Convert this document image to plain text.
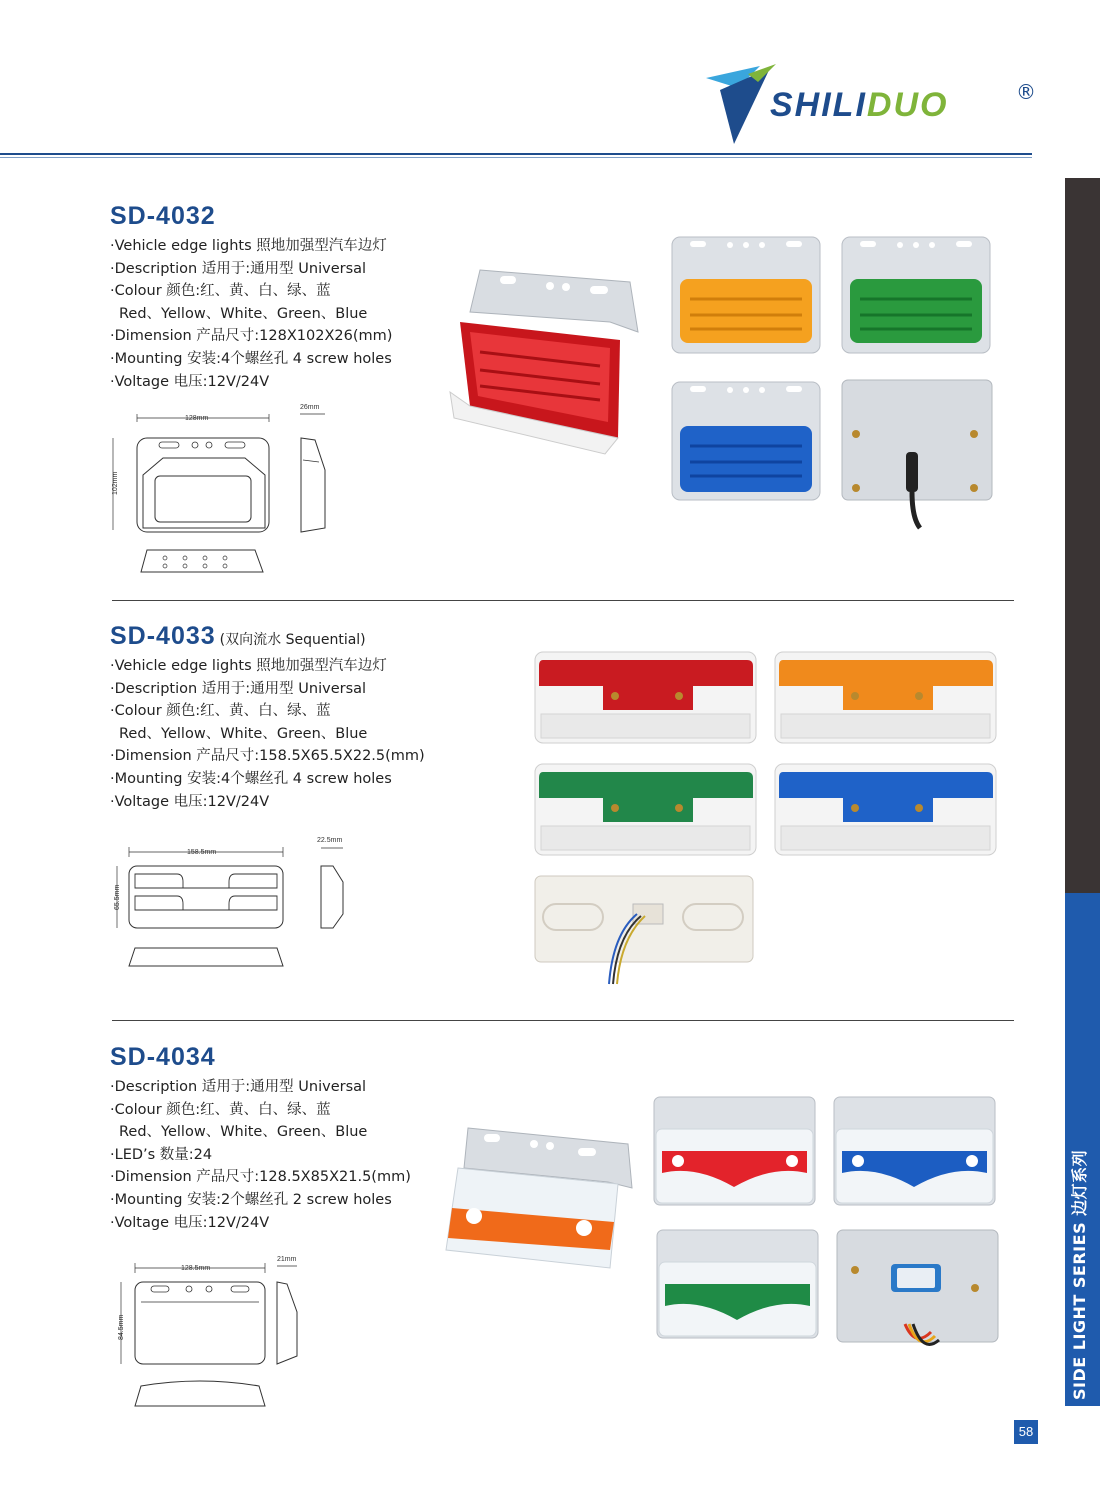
SHILIDUO	®
SIDE LIGHT SERIES 边灯系列
58
SD-4032
·Vehicle edge lights 照地加强型汽车边灯
·Description 适用于:通用型 Universal
·Colour 颜色:红、黄、白、绿、蓝
Red、Yellow、White、Green、Blue
·Dimension 产品尺寸:128X102X26(mm)
·Mounting 安装:4个螺丝孔 4 screw holes
·Voltage 电压:12V/24V
128mm
102mm
26mm
SD-4033 (双向流水 Sequential)
·Vehicle edge lights 照地加强型汽车边灯
·Description 适用于:通用型 Universal
·Colour 颜色:红、黄、白、绿、蓝
Red、Yellow、White、Green、Blue
·Dimension 产品尺寸:158.5X65.5X22.5(mm)
·Mounting 安装:4个螺丝孔 4 screw holes
·Voltage 电压:12V/24V
158.5mm
65.5mm
22.5mm
SD-4034
·Description 适用于:通用型 Universal
·Colour 颜色:红、黄、白、绿、蓝
Red、Yellow、White、Green、Blue
·LED’s 数量:24
·Dimension 产品尺寸:128.5X85X21.5(mm)
·Mounting 安装:2个螺丝孔 2 screw holes
·Voltage 电压:12V/24V
128.5mm
84.5mm
21mm
